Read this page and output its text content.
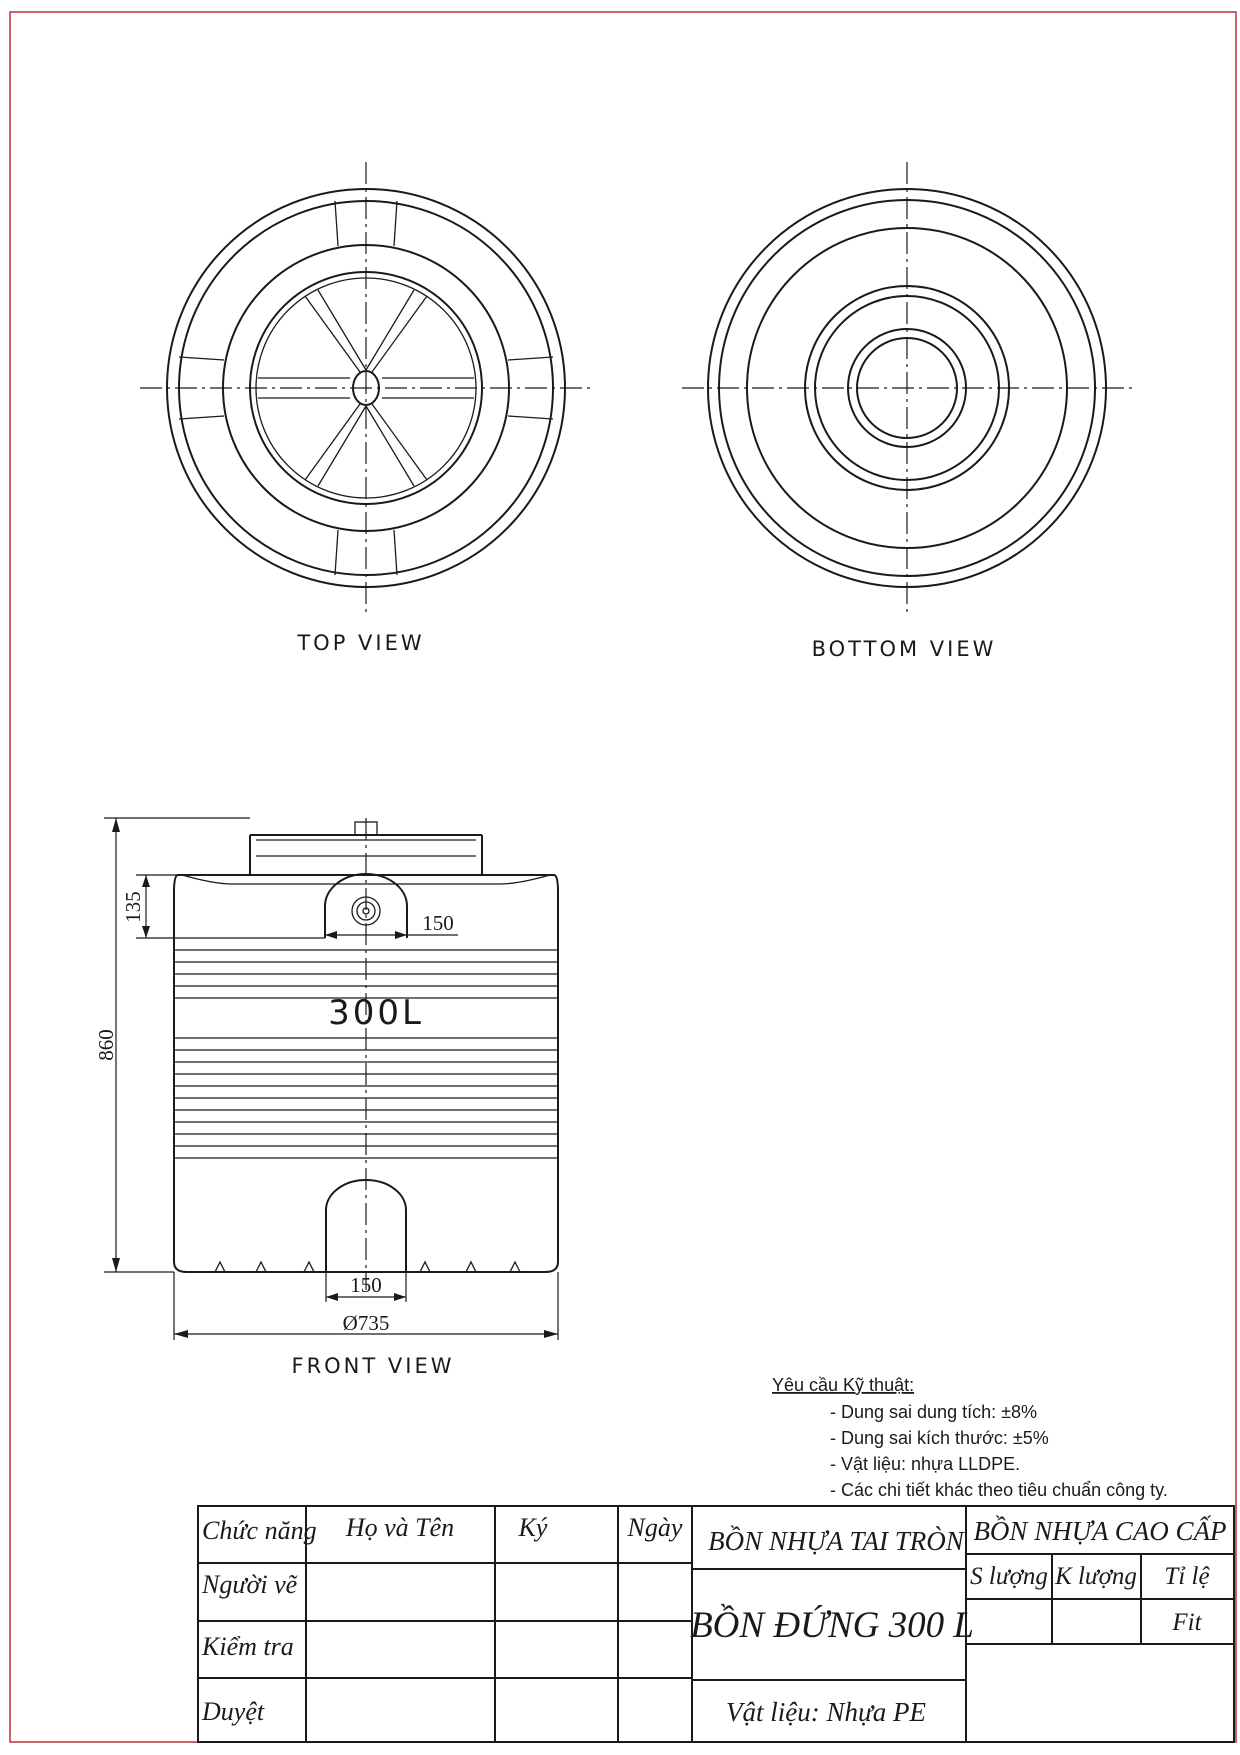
860
135
150
150
Ø735
TOP VIEW	BOTTOM VIEW
FRONT VIEW
300L
Yêu cầu Kỹ thuật:
- Dung sai dung tích: ±8%
- Dung sai kích thước: ±5%
- Vật liệu: nhựa LLDPE.
- Các chi tiết khác theo tiêu chuẩn công ty.
Chức năng Họ và Tên Ký	Ngày
Người vẽ
Kiểm tra
Duyệt
BỒN NHỰA TAI TRÒN
BỒN ĐỨNG 300 L
Vật liệu: Nhựa PE
BỒN NHỰA CAO CẤP
S lượng K lượng Tỉ lệ
Fit
